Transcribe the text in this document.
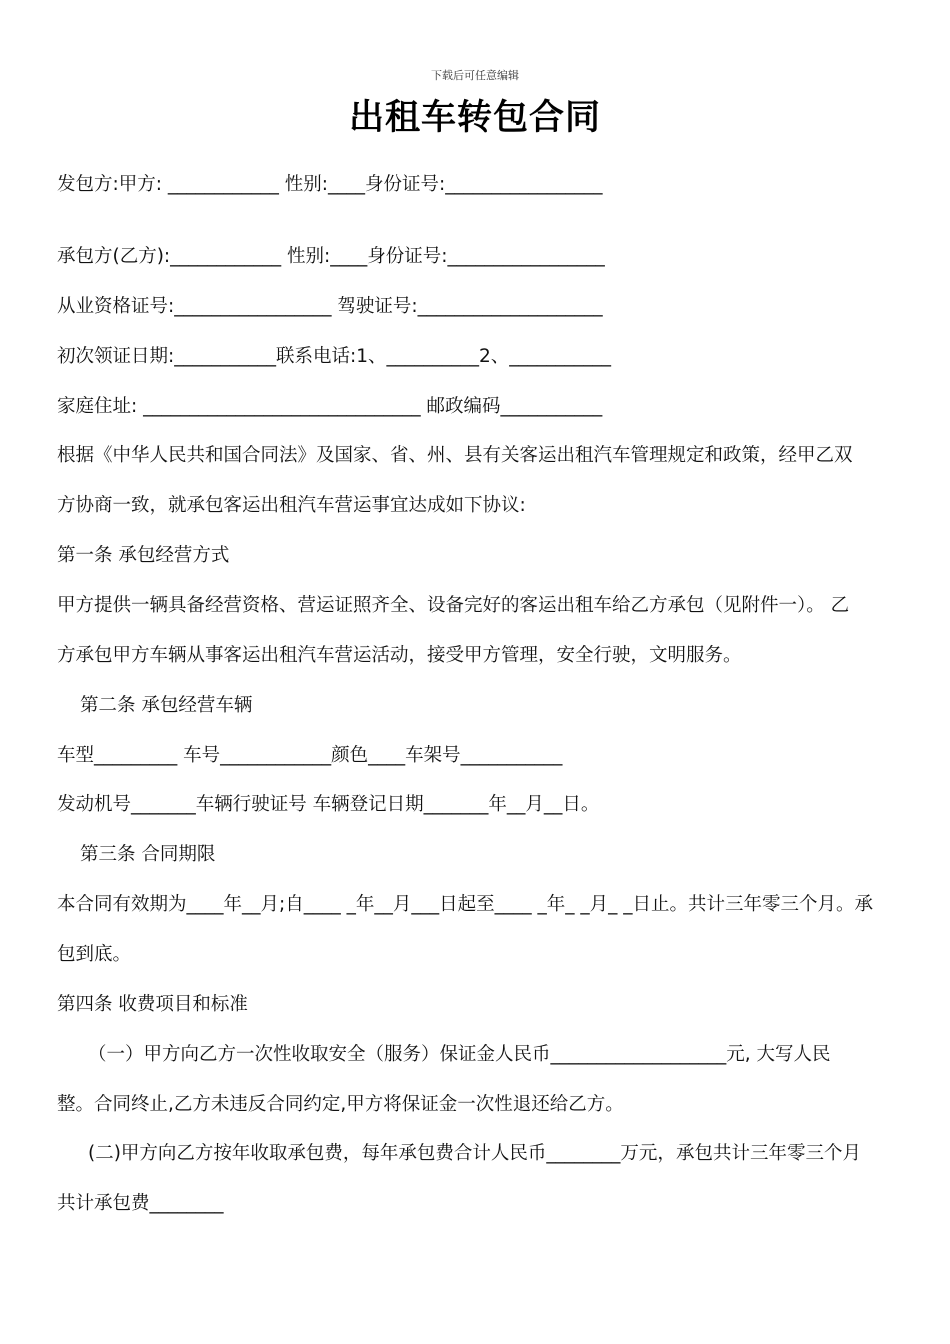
下载后可任意编辑
出租车转包合同
发包方:甲方: ____________ 性别:____身份证号:_________________
承包方(乙方):____________ 性别:____身份证号:_________________
从业资格证号:_________________ 驾驶证号:____________________
初次领证日期:___________联系电话:1、__________2、___________
家庭住址: ______________________________ 邮政编码___________
根据《中华人民共和国合同法》及国家、省、州、县有关客运出租汽车管理规定和政策，经甲乙双
方协商一致，就承包客运出租汽车营运事宜达成如下协议:
第一条 承包经营方式
甲方提供一辆具备经营资格、营运证照齐全、设备完好的客运出租车给乙方承包（见附件一）。 乙
方承包甲方车辆从事客运出租汽车营运活动，接受甲方管理，安全行驶，文明服务。
第二条 承包经营车辆
车型_________ 车号____________颜色____车架号___________
发动机号_______车辆行驶证号 车辆登记日期_______年__月__日。
第三条 合同期限
本合同有效期为____年__月;自____ _年__月___日起至____ _年_ _月_ _日止。共计三年零三个月。承
包到底。
第四条 收费项目和标准
（一）甲方向乙方一次性收取安全（服务）保证金人民币___________________元, 大写人民
整。合同终止,乙方未违反合同约定,甲方将保证金一次性退还给乙方。
(二)甲方向乙方按年收取承包费，每年承包费合计人民币________万元，承包共计三年零三个月
共计承包费________
